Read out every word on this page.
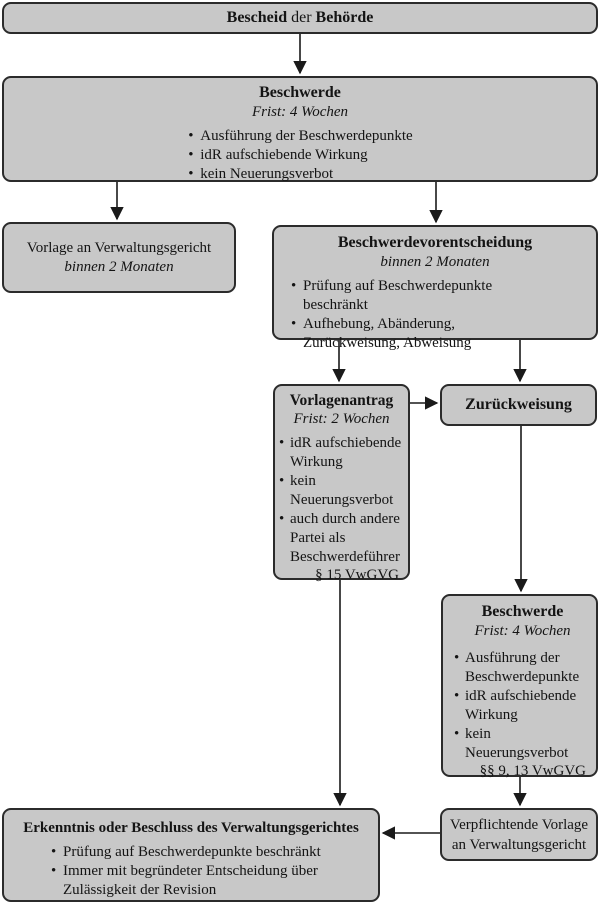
Bescheid der Behörde
Beschwerde
Frist: 4 Wochen
• Ausführung der Beschwerdepunkte
• idR aufschiebende Wirkung
• kein Neuerungsverbot
Vorlage an Verwaltungsgericht
binnen 2 Monaten
Beschwerdevorentscheidung
binnen 2 Monaten
• Prüfung auf Beschwerdepunkte beschränkt
• Aufhebung, Abänderung, Zurückweisung, Abweisung
Vorlagenantrag
Frist: 2 Wochen
• idR aufschiebende Wirkung
• kein Neuerungsverbot
• auch durch andere Partei als Beschwerdeführer
§ 15 VwGVG
Zurückweisung
Beschwerde
Frist: 4 Wochen
• Ausführung der Beschwerdepunkte
• idR aufschiebende Wirkung
• kein Neuerungsverbot
§§ 9, 13 VwGVG
Erkenntnis oder Beschluss des Verwaltungsgerichtes
• Prüfung auf Beschwerdepunkte beschränkt
• Immer mit begründeter Entscheidung über Zulässigkeit der Revision
Verpflichtende Vorlage an Verwaltungsgericht
